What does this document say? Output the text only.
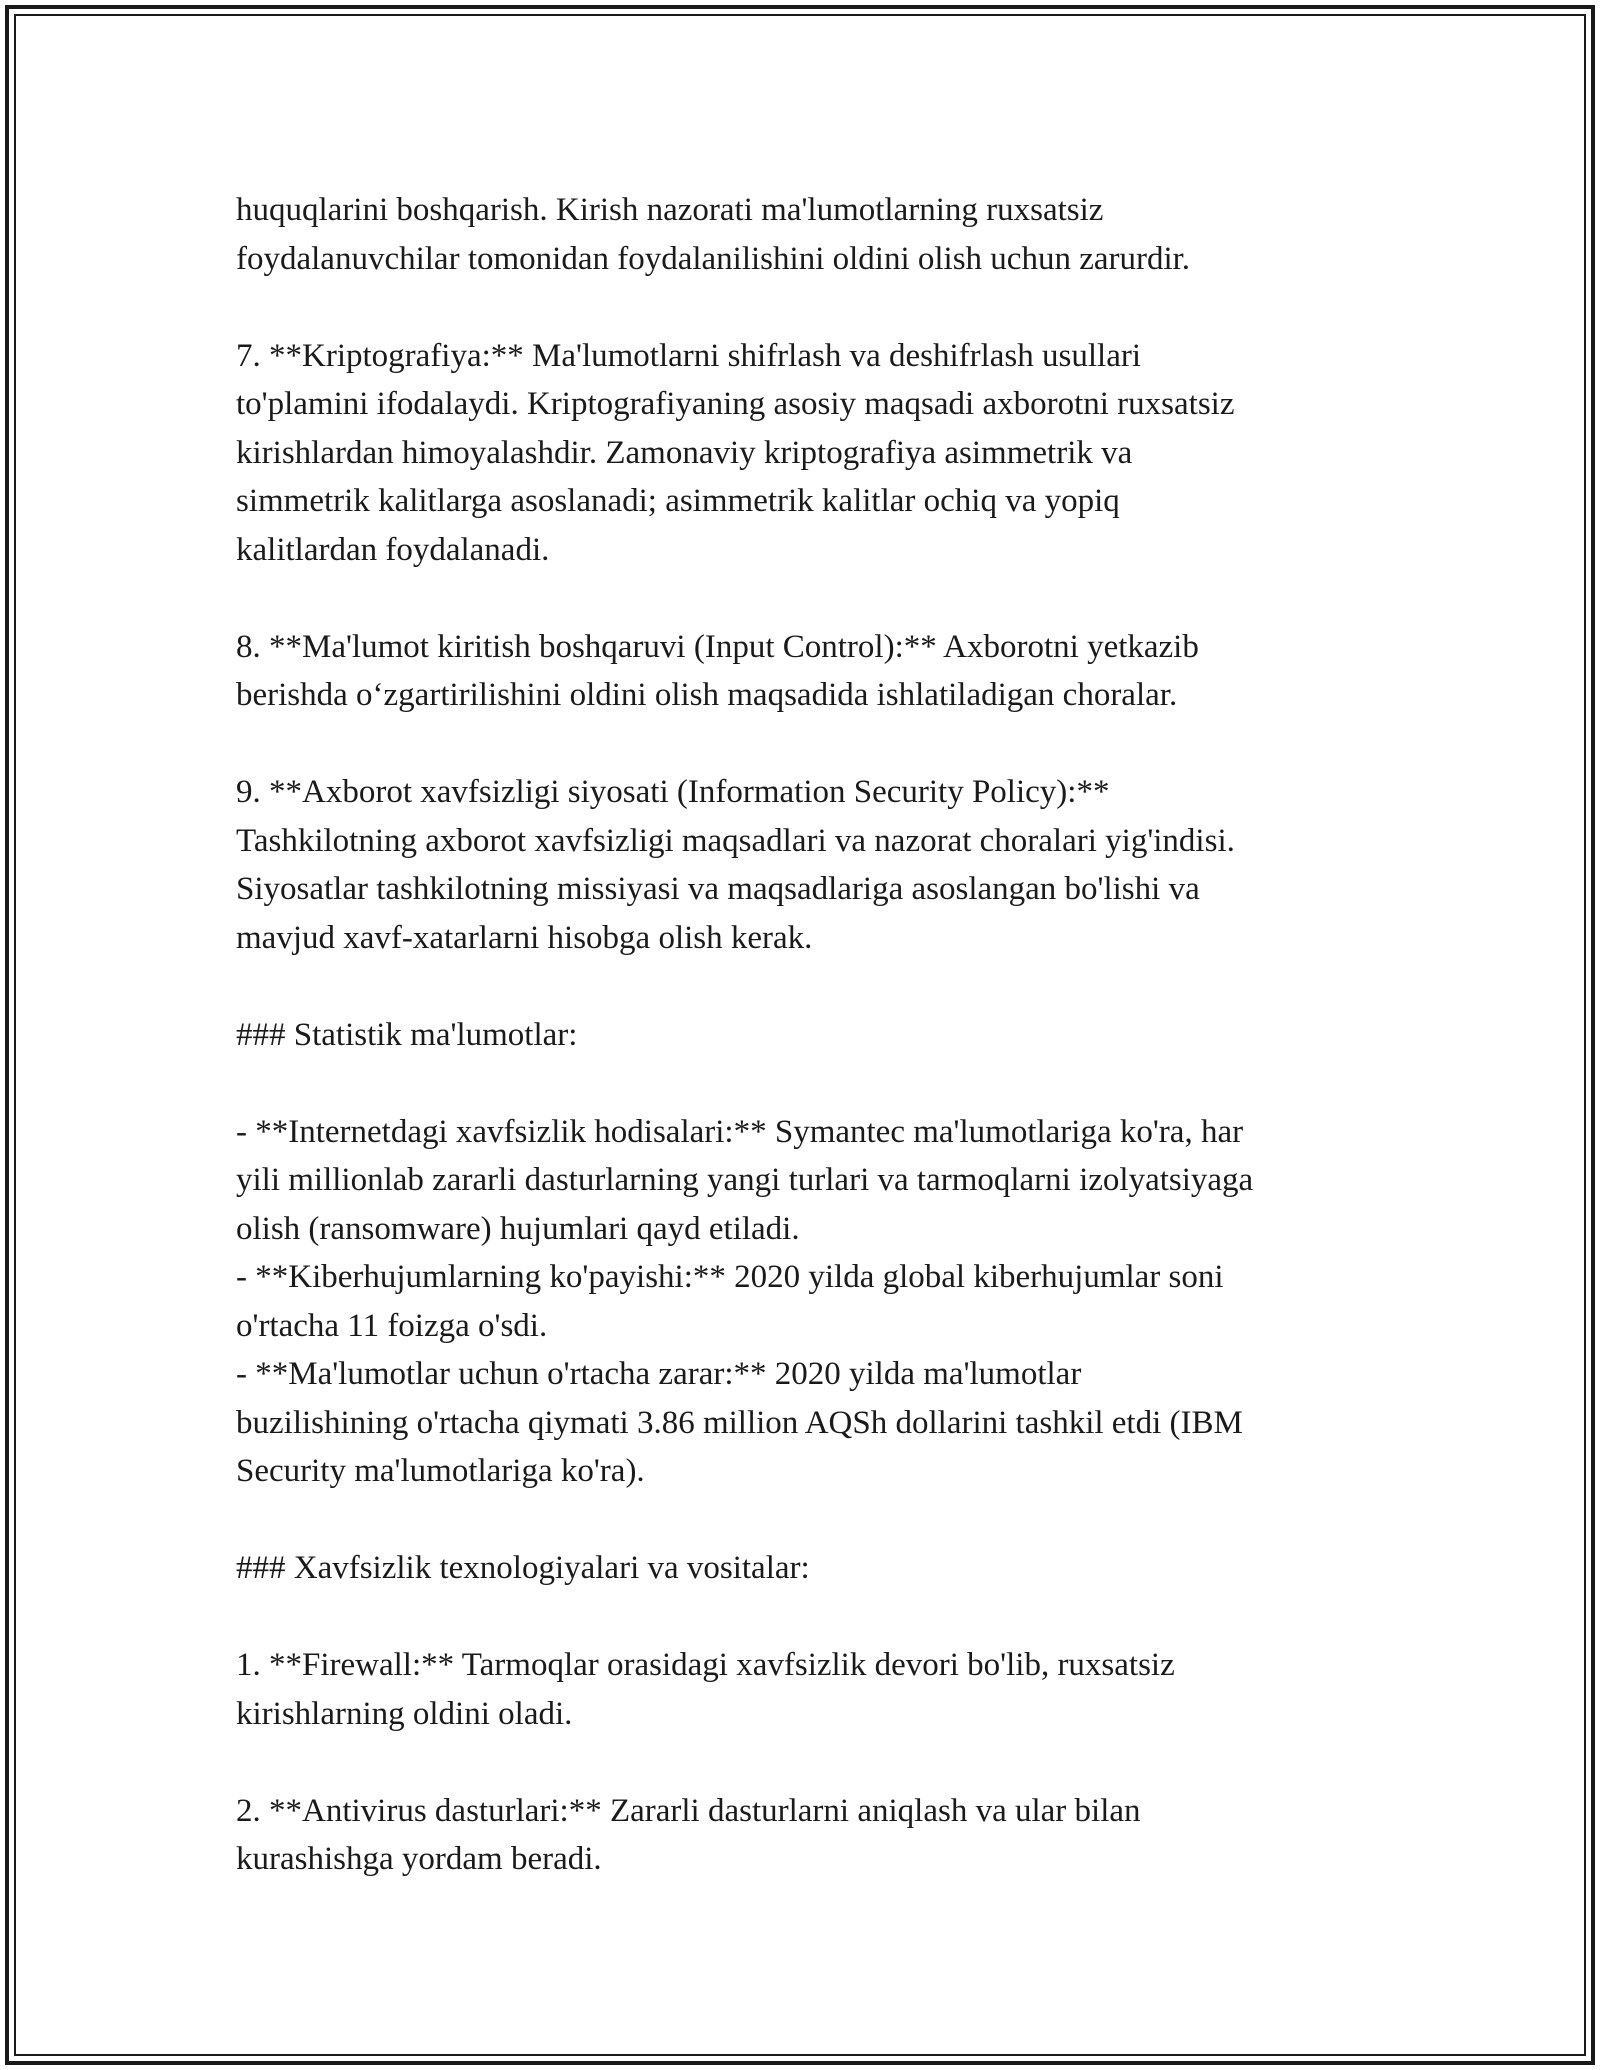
huquqlarini boshqarish. Kirish nazorati ma'lumotlarning ruxsatsiz
foydalanuvchilar tomonidan foydalanilishini oldini olish uchun zarurdir.
7. **Kriptografiya:** Ma'lumotlarni shifrlash va deshifrlash usullari
to'plamini ifodalaydi. Kriptografiyaning asosiy maqsadi axborotni ruxsatsiz
kirishlardan himoyalashdir. Zamonaviy kriptografiya asimmetrik va
simmetrik kalitlarga asoslanadi; asimmetrik kalitlar ochiq va yopiq
kalitlardan foydalanadi.
8. **Ma'lumot kiritish boshqaruvi (Input Control):** Axborotni yetkazib
berishda o‘zgartirilishini oldini olish maqsadida ishlatiladigan choralar.
9. **Axborot xavfsizligi siyosati (Information Security Policy):**
Tashkilotning axborot xavfsizligi maqsadlari va nazorat choralari yig'indisi.
Siyosatlar tashkilotning missiyasi va maqsadlariga asoslangan bo'lishi va
mavjud xavf-xatarlarni hisobga olish kerak.
### Statistik ma'lumotlar:
- **Internetdagi xavfsizlik hodisalari:** Symantec ma'lumotlariga ko'ra, har
yili millionlab zararli dasturlarning yangi turlari va tarmoqlarni izolyatsiyaga
olish (ransomware) hujumlari qayd etiladi.
- **Kiberhujumlarning ko'payishi:** 2020 yilda global kiberhujumlar soni
o'rtacha 11 foizga o'sdi.
- **Ma'lumotlar uchun o'rtacha zarar:** 2020 yilda ma'lumotlar
buzilishining o'rtacha qiymati 3.86 million AQSh dollarini tashkil etdi (IBM
Security ma'lumotlariga ko'ra).
### Xavfsizlik texnologiyalari va vositalar:
1. **Firewall:** Tarmoqlar orasidagi xavfsizlik devori bo'lib, ruxsatsiz
kirishlarning oldini oladi.
2. **Antivirus dasturlari:** Zararli dasturlarni aniqlash va ular bilan
kurashishga yordam beradi.
